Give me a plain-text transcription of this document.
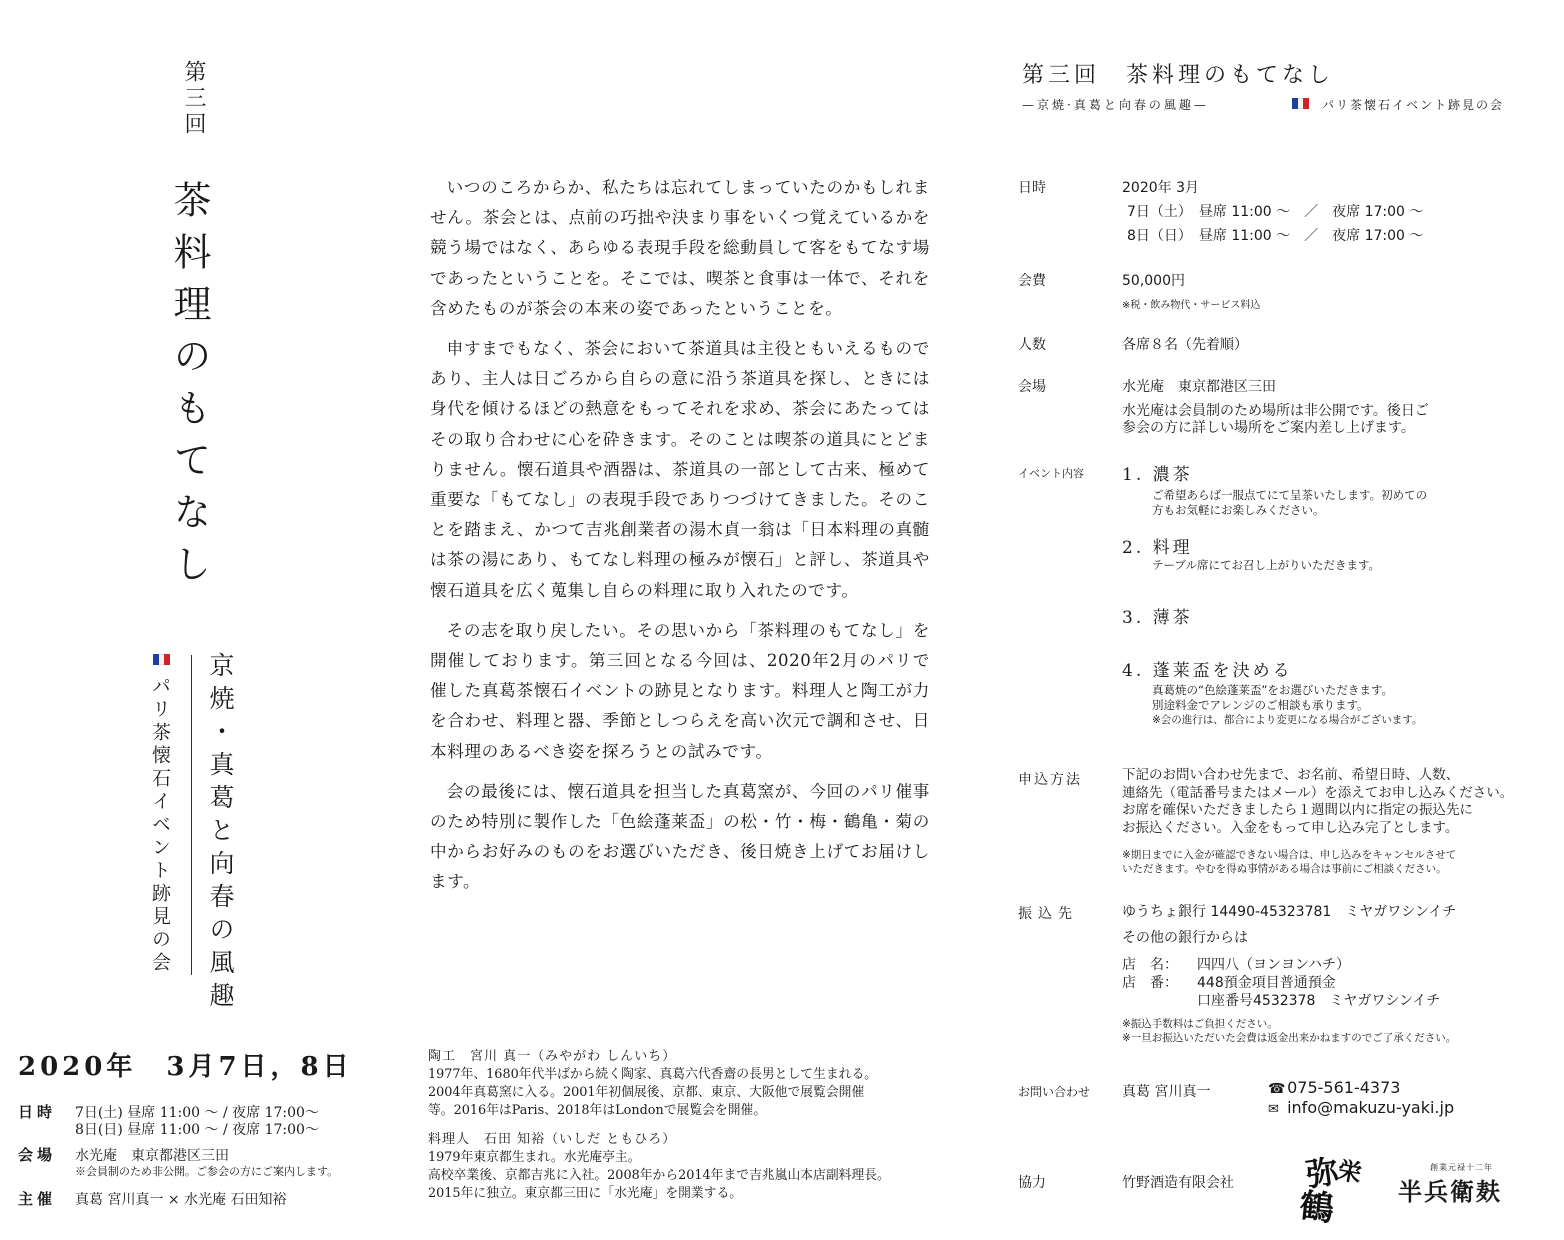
第三回
茶料理のもてなし
パリ茶懐石イベント跡見の会 京焼・真葛と向春の風趣
2020年　3月7日，8日
日時 7日(土) 昼席 11:00 〜 / 夜席 17:00〜
8日(日) 昼席 11:00 〜 / 夜席 17:00〜
会場 水光庵　東京都港区三田
※会員制のため非公開。ご参会の方にご案内します。
主催 真葛 宮川真一 × 水光庵 石田知裕

いつのころからか、私たちは忘れてしまっていたのかもしれません。茶会とは、点前の巧拙や決まり事をいくつ覚えているかを競う場ではなく、あらゆる表現手段を総動員して客をもてなす場であったということを。そこでは、喫茶と食事は一体で、それを含めたものが茶会の本来の姿であったということを。

申すまでもなく、茶会において茶道具は主役ともいえるものであり、主人は日ごろから自らの意に沿う茶道具を探し、ときには身代を傾けるほどの熱意をもってそれを求め、茶会にあたってはその取り合わせに心を砕きます。そのことは喫茶の道具にとどまりません。懐石道具や酒器は、茶道具の一部として古来、極めて重要な「もてなし」の表現手段でありつづけてきました。そのことを踏まえ、かつて吉兆創業者の湯木貞一翁は「日本料理の真髄は茶の湯にあり、もてなし料理の極みが懐石」と評し、茶道具や懐石道具を広く蒐集し自らの料理に取り入れたのです。

その志を取り戻したい。その思いから「茶料理のもてなし」を開催しております。第三回となる今回は、2020年2月のパリで催した真葛茶懐石イベントの跡見となります。料理人と陶工が力を合わせ、料理と器、季節としつらえを高い次元で調和させ、日本料理のあるべき姿を探ろうとの試みです。

会の最後には、懐石道具を担当した真葛窯が、今回のパリ催事のため特別に製作した「色絵蓬莱盃」の松・竹・梅・鶴亀・菊の中からお好みのものをお選びいただき、後日焼き上げてお届けします。

陶工　宮川 真一（みやがわ しんいち）
1977年、1680年代半ばから続く陶家、真葛六代香齋の長男として生まれる。
2004年真葛窯に入る。2001年初個展後、京都、東京、大阪他で展覧会開催
等。2016年はParis、2018年はLondonで展覧会を開催。
料理人　石田 知裕（いしだ ともひろ）
1979年東京都生まれ。水光庵亭主。
高校卒業後、京都吉兆に入社。2008年から2014年まで吉兆嵐山本店副料理長。
2015年に独立。東京都三田に「水光庵」を開業する。
第三回　茶料理のもてなし
—京焼·真葛と向春の風趣—	パリ茶懐石イベント跡見の会
日時	2020年 3月
7日（土）　昼席 11:00 〜　／　夜席 17:00 〜
8日（日）　昼席 11:00 〜　／　夜席 17:00 〜
会費	50,000円
※税・飲み物代・サービス料込
人数	各席８名（先着順）
会場	水光庵　東京都港区三田
水光庵は会員制のため場所は非公開です。後日ご
参会の方に詳しい場所をご案内差し上げます。
イベント内容 1. 濃茶
ご希望あらば一服点てにて呈茶いたします。初めての
方もお気軽にお楽しみください。
2. 料理
テーブル席にてお召し上がりいただきます。
3. 薄茶
4. 蓬莱盃を決める
真葛焼の“色絵蓬莱盃”をお選びいただきます。
別途料金でアレンジのご相談も承ります。
※会の進行は、都合により変更になる場合がございます。
申込方法	下記のお問い合わせ先まで、お名前、希望日時、人数、
連絡先（電話番号またはメール）を添えてお申し込みください。
お席を確保いただきましたら１週間以内に指定の振込先に
お振込ください。入金をもって申し込み完了とします。
※期日までに入金が確認できない場合は、申し込みをキャンセルさせて
いただきます。やむを得ぬ事情がある場合は事前にご相談ください。
振込先	ゆうちょ銀行 14490-45323781　ミヤガワシンイチ
その他の銀行からは
店　名： 四四八（ヨンヨンハチ）
店　番： 448預金項目普通預金
口座番号4532378　ミヤガワシンイチ
※振込手数料はご負担ください。
※一旦お振込いただいた会費は返金出来かねますのでご了承ください。
お問い合わせ 真葛 宮川真一	☎ 075-561-4373
✉ info@makuzu-yaki.jp
協力	竹野酒造有限会社 弥
栄
鶴
創業元禄十二年
半兵衛麸
